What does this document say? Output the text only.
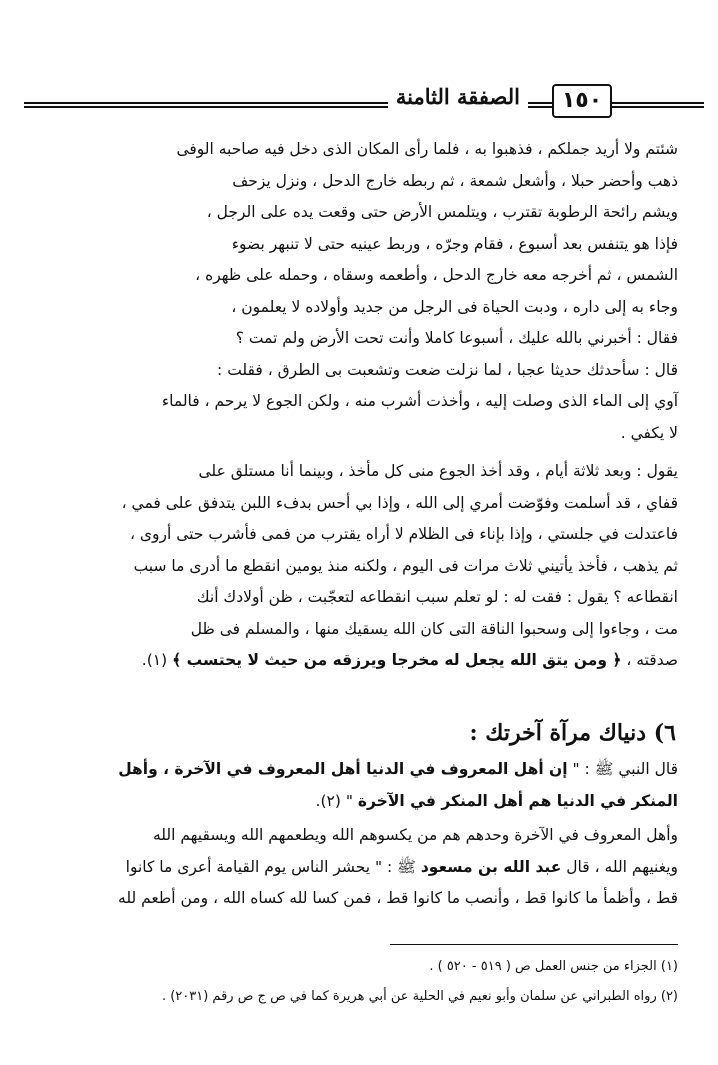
١٥٠
الصفقة الثامنة

شئتم ولا أريد جملكم ، فذهبوا به ، فلما رأى المكان الذى دخل فيه صاحبه الوفى

ذهب وأحضر حبلا ، وأشعل شمعة ، ثم ربطه خارج الدحل ، ونزل يزحف

ويشم رائحة الرطوبة تقترب ، ويتلمس الأرض حتى وقعت يده على الرجل ،

فإذا هو يتنفس بعد أسبوع ، فقام وجرّه ، وربط عينيه حتى لا تنبهر بضوء

الشمس ، ثم أخرجه معه خارج الدحل ، وأطعمه وسقاه ، وحمله على ظهره ،

وجاء به إلى داره ، ودبت الحياة فى الرجل من جديد وأولاده لا يعلمون ،

فقال : أخبرني بالله عليك ، أسبوعا كاملا وأنت تحت الأرض ولم تمت ؟

قال : سأحدثك حديثا عجبا ، لما نزلت ضعت وتشعبت بى الطرق ، فقلت :

آوي إلى الماء الذى وصلت إليه ، وأخذت أشرب منه ، ولكن الجوع لا يرحم ، فالماء

لا يكفي .

يقول : وبعد ثلاثة أيام ، وقد أخذ الجوع منى كل مأخذ ، وبينما أنا مستلق على

قفاي ، قد أسلمت وفوّضت أمري إلى الله ، وإذا بي أحس بدفء اللبن يتدفق على فمي ،

فاعتدلت في جلستي ، وإذا بإناء فى الظلام لا أراه يقترب من فمى فأشرب حتى أروى ،

ثم يذهب ، فأخذ يأتيني ثلاث مرات فى اليوم ، ولكنه منذ يومين انقطع ما أدرى ما سبب

انقطاعه ؟ يقول : فقت له : لو تعلم سبب انقطاعه لتعجّبت ، ظن أولادك أنك

مت ، وجاءوا إلى وسحبوا الناقة التى كان الله يسقيك منها ، والمسلم فى ظل

صدقته ، ﴿ ومن يتق الله يجعل له مخرجا ويرزقه من حيث لا يحتسب ﴾ (١).

٦) دنياك مرآة آخرتك :

قال النبي ﷺ : " إن أهل المعروف في الدنيا أهل المعروف في الآخرة ، وأهل

المنكر في الدنيا هم أهل المنكر في الآخرة " (٢).

وأهل المعروف في الآخرة وحدهم هم من يكسوهم الله ويطعمهم الله ويسقيهم الله

ويغنيهم الله ، قال عبد الله بن مسعود ﷺ : " يحشر الناس يوم القيامة أعرى ما كانوا

قط ، وأظمأ ما كانوا قط ، وأنصب ما كانوا قط ، فمن كسا لله كساه الله ، ومن أطعم لله

(١) الجزاء من جنس العمل ص ( ٥١٩ - ٥٢٠ ) .

(٢) رواه الطبراني عن سلمان وأبو نعيم في الحلية عن أبي هريرة كما في ص ج ص رقم (٢٠٣١) .
